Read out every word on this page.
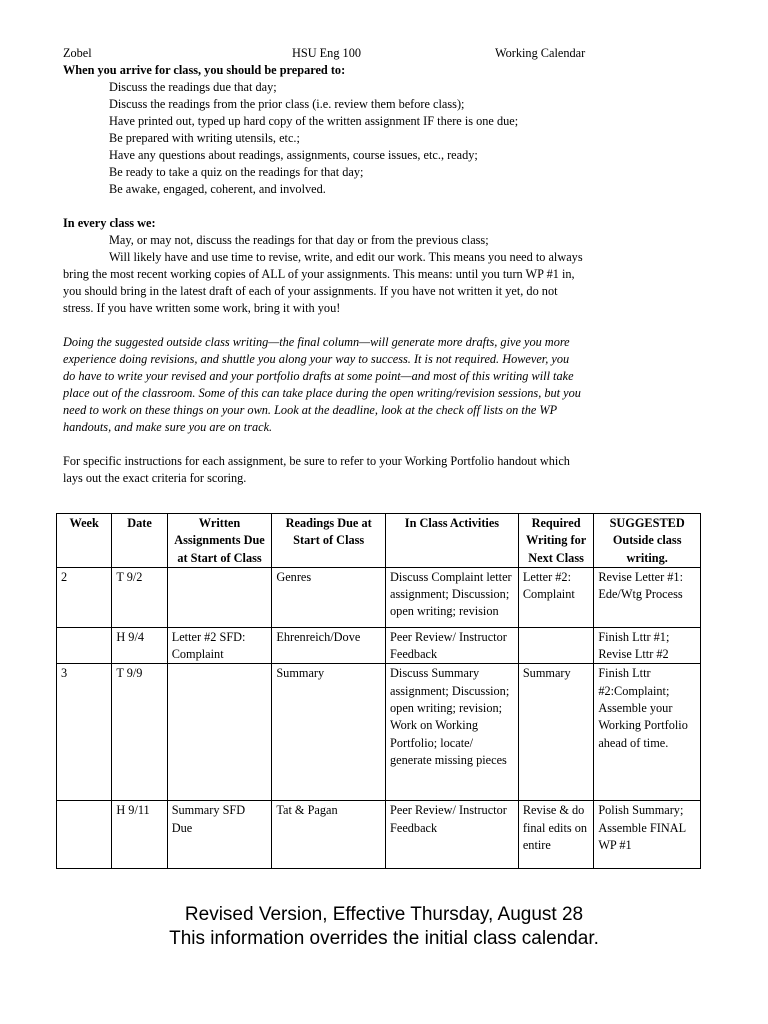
Zobel	HSU Eng 100	Working Calendar

When you arrive for class, you should be prepared to:

Discuss the readings due that day;

Discuss the readings from the prior class (i.e. review them before class);

Have printed out, typed up hard copy of the written assignment IF there is one due;

Be prepared with writing utensils, etc.;

Have any questions about readings, assignments, course issues, etc., ready;

Be ready to take a quiz on the readings for that day;

Be awake, engaged, coherent, and involved.

In every class we:

May, or may not, discuss the readings for that day or from the previous class;

Will likely have and use time to revise, write, and edit our work. This means you need to always

bring the most recent working copies of ALL of your assignments. This means: until you turn WP #1 in,

you should bring in the latest draft of each of your assignments. If you have not written it yet, do not

stress. If you have written some work, bring it with you!

Doing the suggested outside class writing—the final column—will generate more drafts, give you more

experience doing revisions, and shuttle you along your way to success. It is not required. However, you

do have to write your revised and your portfolio drafts at some point—and most of this writing will take

place out of the classroom. Some of this can take place during the open writing/revision sessions, but you

need to work on these things on your own. Look at the deadline, look at the check off lists on the WP

handouts, and make sure you are on track.

For specific instructions for each assignment, be sure to refer to your Working Portfolio handout which

lays out the exact criteria for scoring.

Week	Date	Written Assignments Due at Start of Class	Readings Due at Start of Class	In Class Activities	Required Writing for Next Class	SUGGESTED Outside class writing.
2	T 9/2		Genres	Discuss Complaint letter assignment; Discussion; open writing; revision	Letter #2: Complaint	Revise Letter #1: Ede/Wtg Process
	H 9/4	Letter #2 SFD: Complaint	Ehrenreich/Dove	Peer Review/ Instructor Feedback		Finish Lttr #1; Revise Lttr #2
3	T 9/9		Summary	Discuss Summary assignment; Discussion; open writing; revision; Work on Working Portfolio; locate/ generate missing pieces	Summary	Finish Lttr #2:Complaint; Assemble your Working Portfolio ahead of time.
	H 9/11	Summary SFD Due	Tat & Pagan	Peer Review/ Instructor Feedback	Revise & do final edits on entire	Polish Summary; Assemble FINAL WP #1
Revised Version, Effective Thursday, August 28
This information overrides the initial class calendar.
